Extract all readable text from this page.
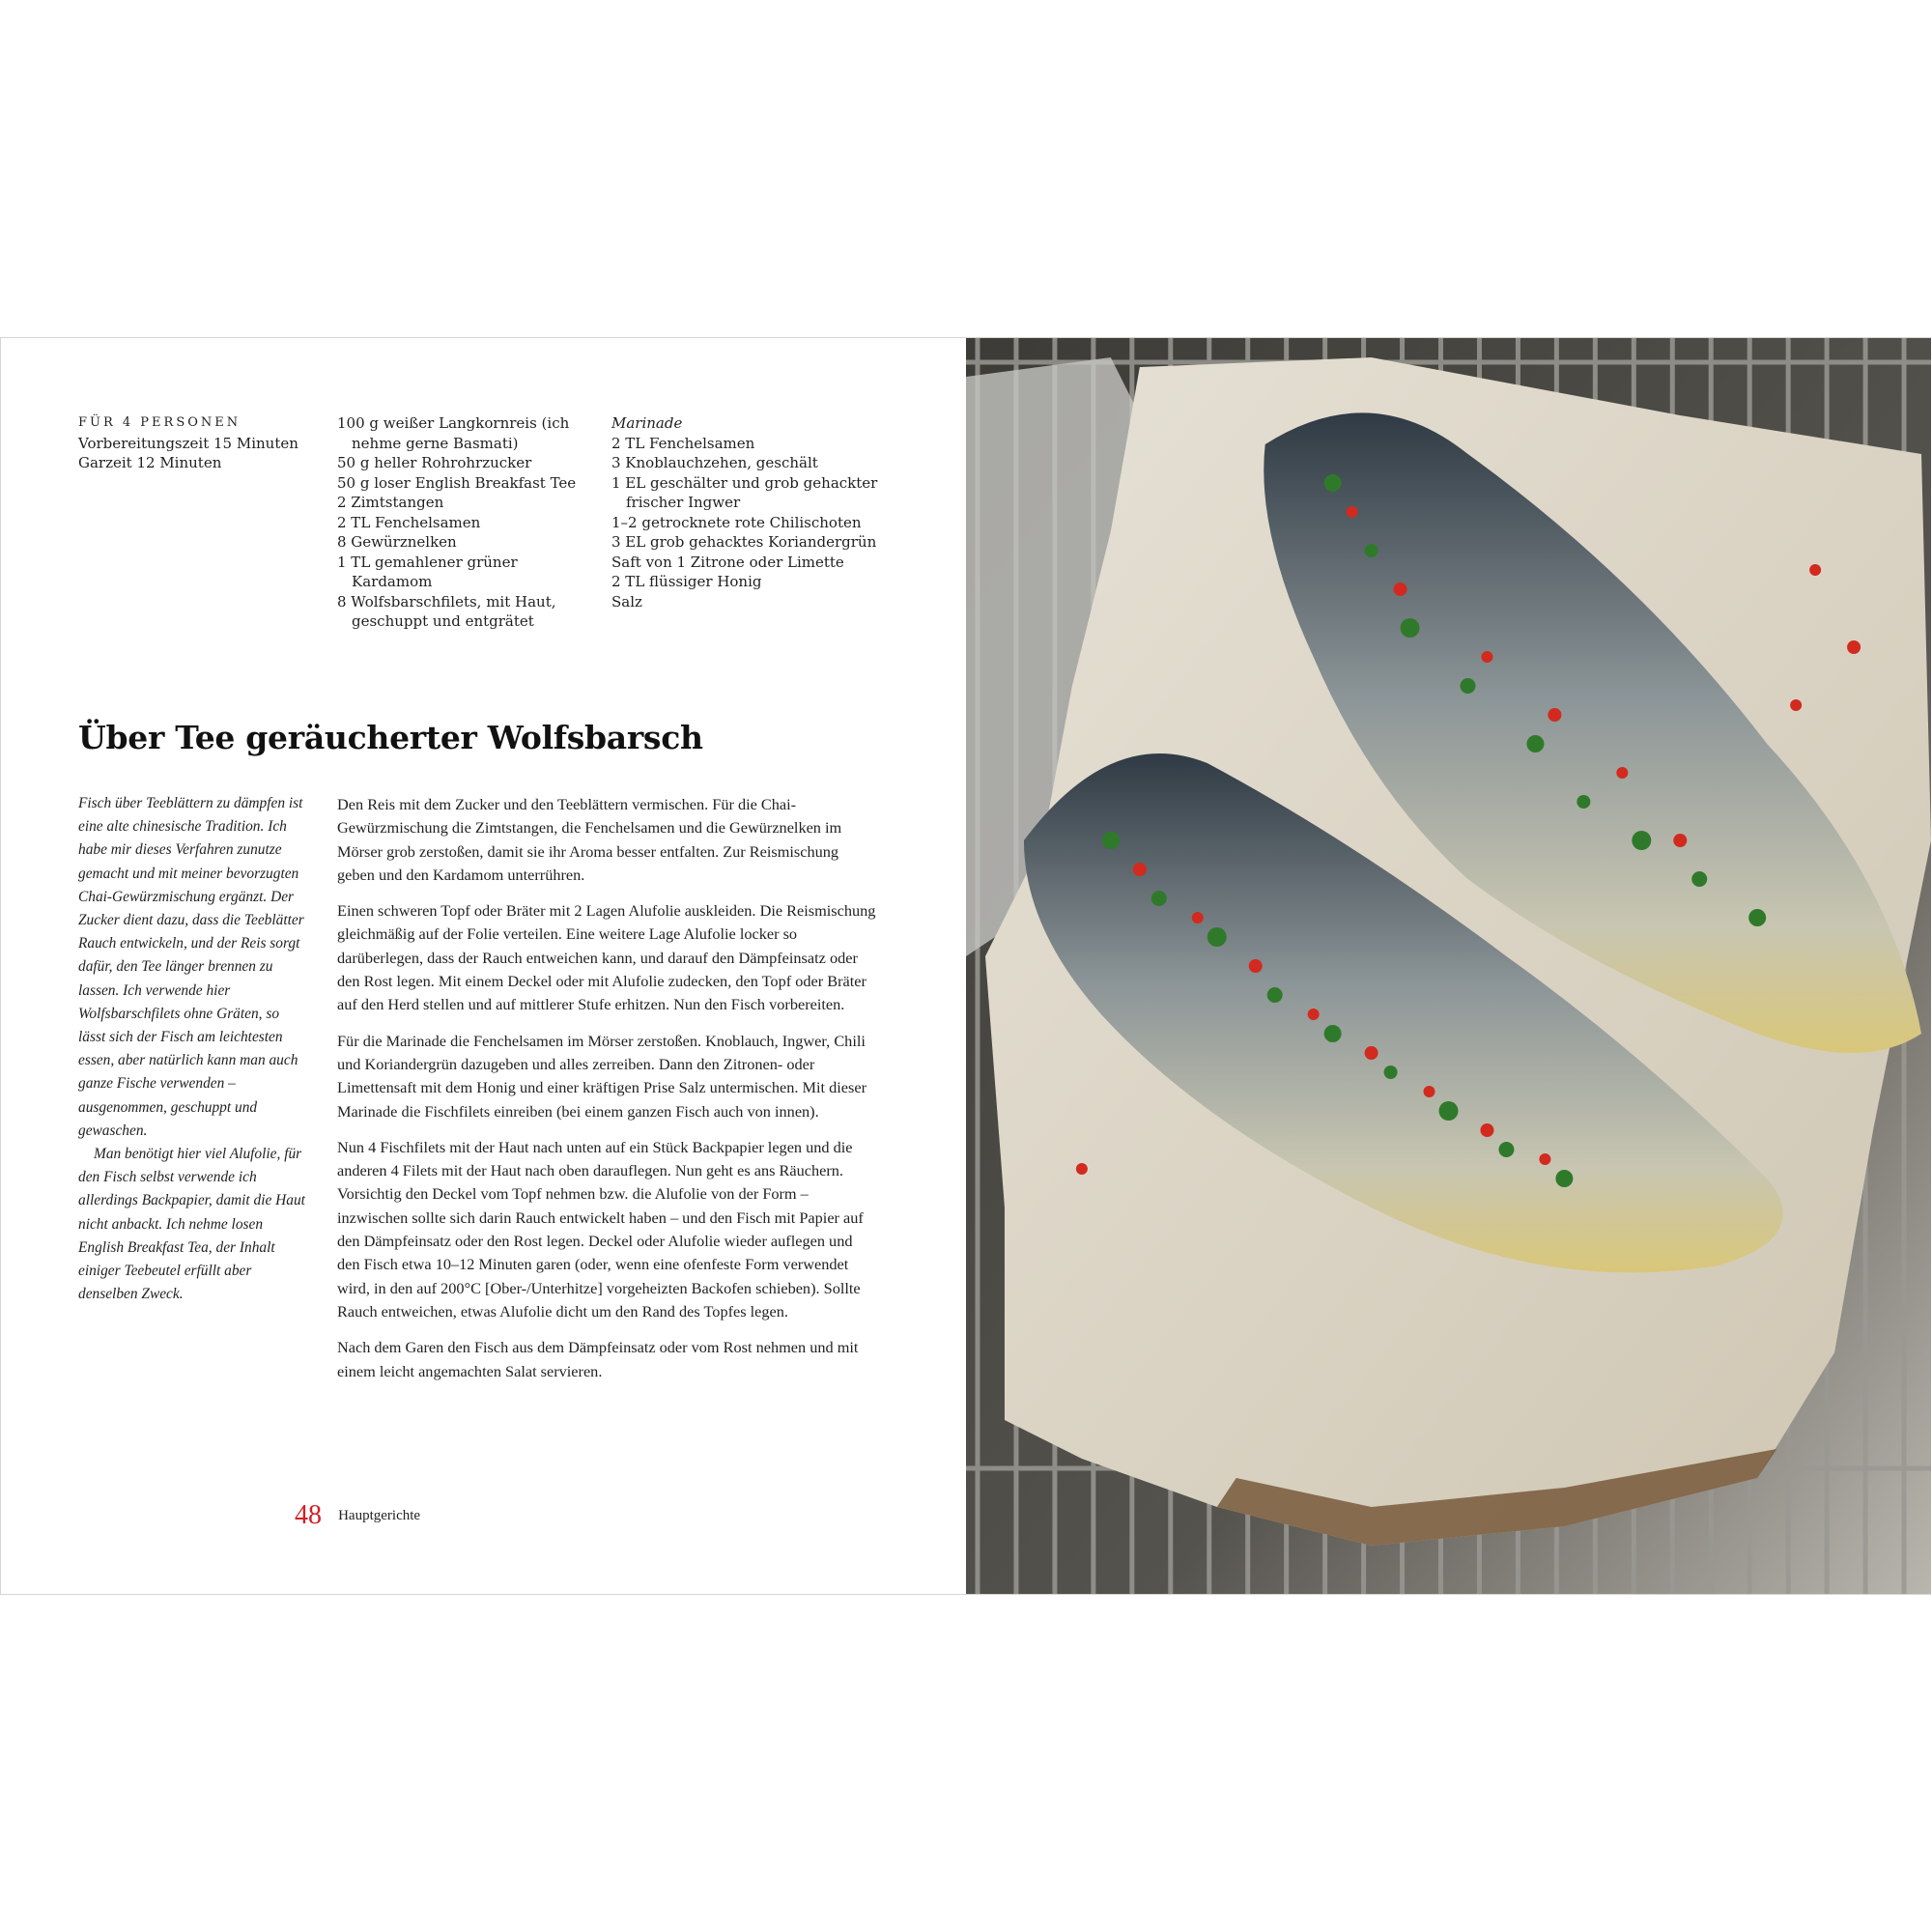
FÜR 4 PERSONEN
Vorbereitungszeit 15 Minuten
Garzeit 12 Minuten
100 g weißer Langkornreis (ich nehme gerne Basmati)
50 g heller Rohrohrzucker
50 g loser English Breakfast Tee
2 Zimtstangen
2 TL Fenchelsamen
8 Gewürznelken
1 TL gemahlener grüner Kardamom
8 Wolfsbarschfilets, mit Haut, geschuppt und entgrätet
Marinade
2 TL Fenchelsamen
3 Knoblauchzehen, geschält
1 EL geschälter und grob gehackter frischer Ingwer
1–2 getrocknete rote Chilischoten
3 EL grob gehacktes Koriandergrün
Saft von 1 Zitrone oder Limette
2 TL flüssiger Honig
Salz
Über Tee geräucherter Wolfsbarsch

Fisch über Teeblättern zu dämpfen ist eine alte chinesische Tradition. Ich habe mir dieses Verfahren zunutze gemacht und mit meiner bevorzugten Chai-Gewürzmischung ergänzt. Der Zucker dient dazu, dass die Teeblätter Rauch entwickeln, und der Reis sorgt dafür, den Tee länger brennen zu lassen. Ich verwende hier Wolfsbarschfilets ohne Gräten, so lässt sich der Fisch am leichtesten essen, aber natürlich kann man auch ganze Fische verwenden – ausgenommen, geschuppt und gewaschen.

Man benötigt hier viel Alufolie, für den Fisch selbst verwende ich allerdings Backpapier, damit die Haut nicht anbackt. Ich nehme losen English Breakfast Tea, der Inhalt einiger Teebeutel erfüllt aber denselben Zweck.

Den Reis mit dem Zucker und den Teeblättern vermischen. Für die Chai-Gewürzmischung die Zimtstangen, die Fenchelsamen und die Gewürznelken im Mörser grob zerstoßen, damit sie ihr Aroma besser entfalten. Zur Reismischung geben und den Kardamom unterrühren.

Einen schweren Topf oder Bräter mit 2 Lagen Alufolie auskleiden. Die Reismischung gleichmäßig auf der Folie verteilen. Eine weitere Lage Alufolie locker so darüberlegen, dass der Rauch entweichen kann, und darauf den Dämpfeinsatz oder den Rost legen. Mit einem Deckel oder mit Alufolie zudecken, den Topf oder Bräter auf den Herd stellen und auf mittlerer Stufe erhitzen. Nun den Fisch vorbereiten.

Für die Marinade die Fenchelsamen im Mörser zerstoßen. Knoblauch, Ingwer, Chili und Koriandergrün dazugeben und alles zerreiben. Dann den Zitronen- oder Limettensaft mit dem Honig und einer kräftigen Prise Salz untermischen. Mit dieser Marinade die Fischfilets einreiben (bei einem ganzen Fisch auch von innen).

Nun 4 Fischfilets mit der Haut nach unten auf ein Stück Backpapier legen und die anderen 4 Filets mit der Haut nach oben darauflegen. Nun geht es ans Räuchern. Vorsichtig den Deckel vom Topf nehmen bzw. die Alufolie von der Form – inzwischen sollte sich darin Rauch entwickelt haben – und den Fisch mit Papier auf den Dämpfeinsatz oder den Rost legen. Deckel oder Alufolie wieder auflegen und den Fisch etwa 10–12 Minuten garen (oder, wenn eine ofenfeste Form verwendet wird, in den auf 200°C [Ober-/Unterhitze] vorgeheizten Backofen schieben). Sollte Rauch entweichen, etwas Alufolie dicht um den Rand des Topfes legen.

Nach dem Garen den Fisch aus dem Dämpfeinsatz oder vom Rost nehmen und mit einem leicht angemachten Salat servieren.

48 Hauptgerichte
